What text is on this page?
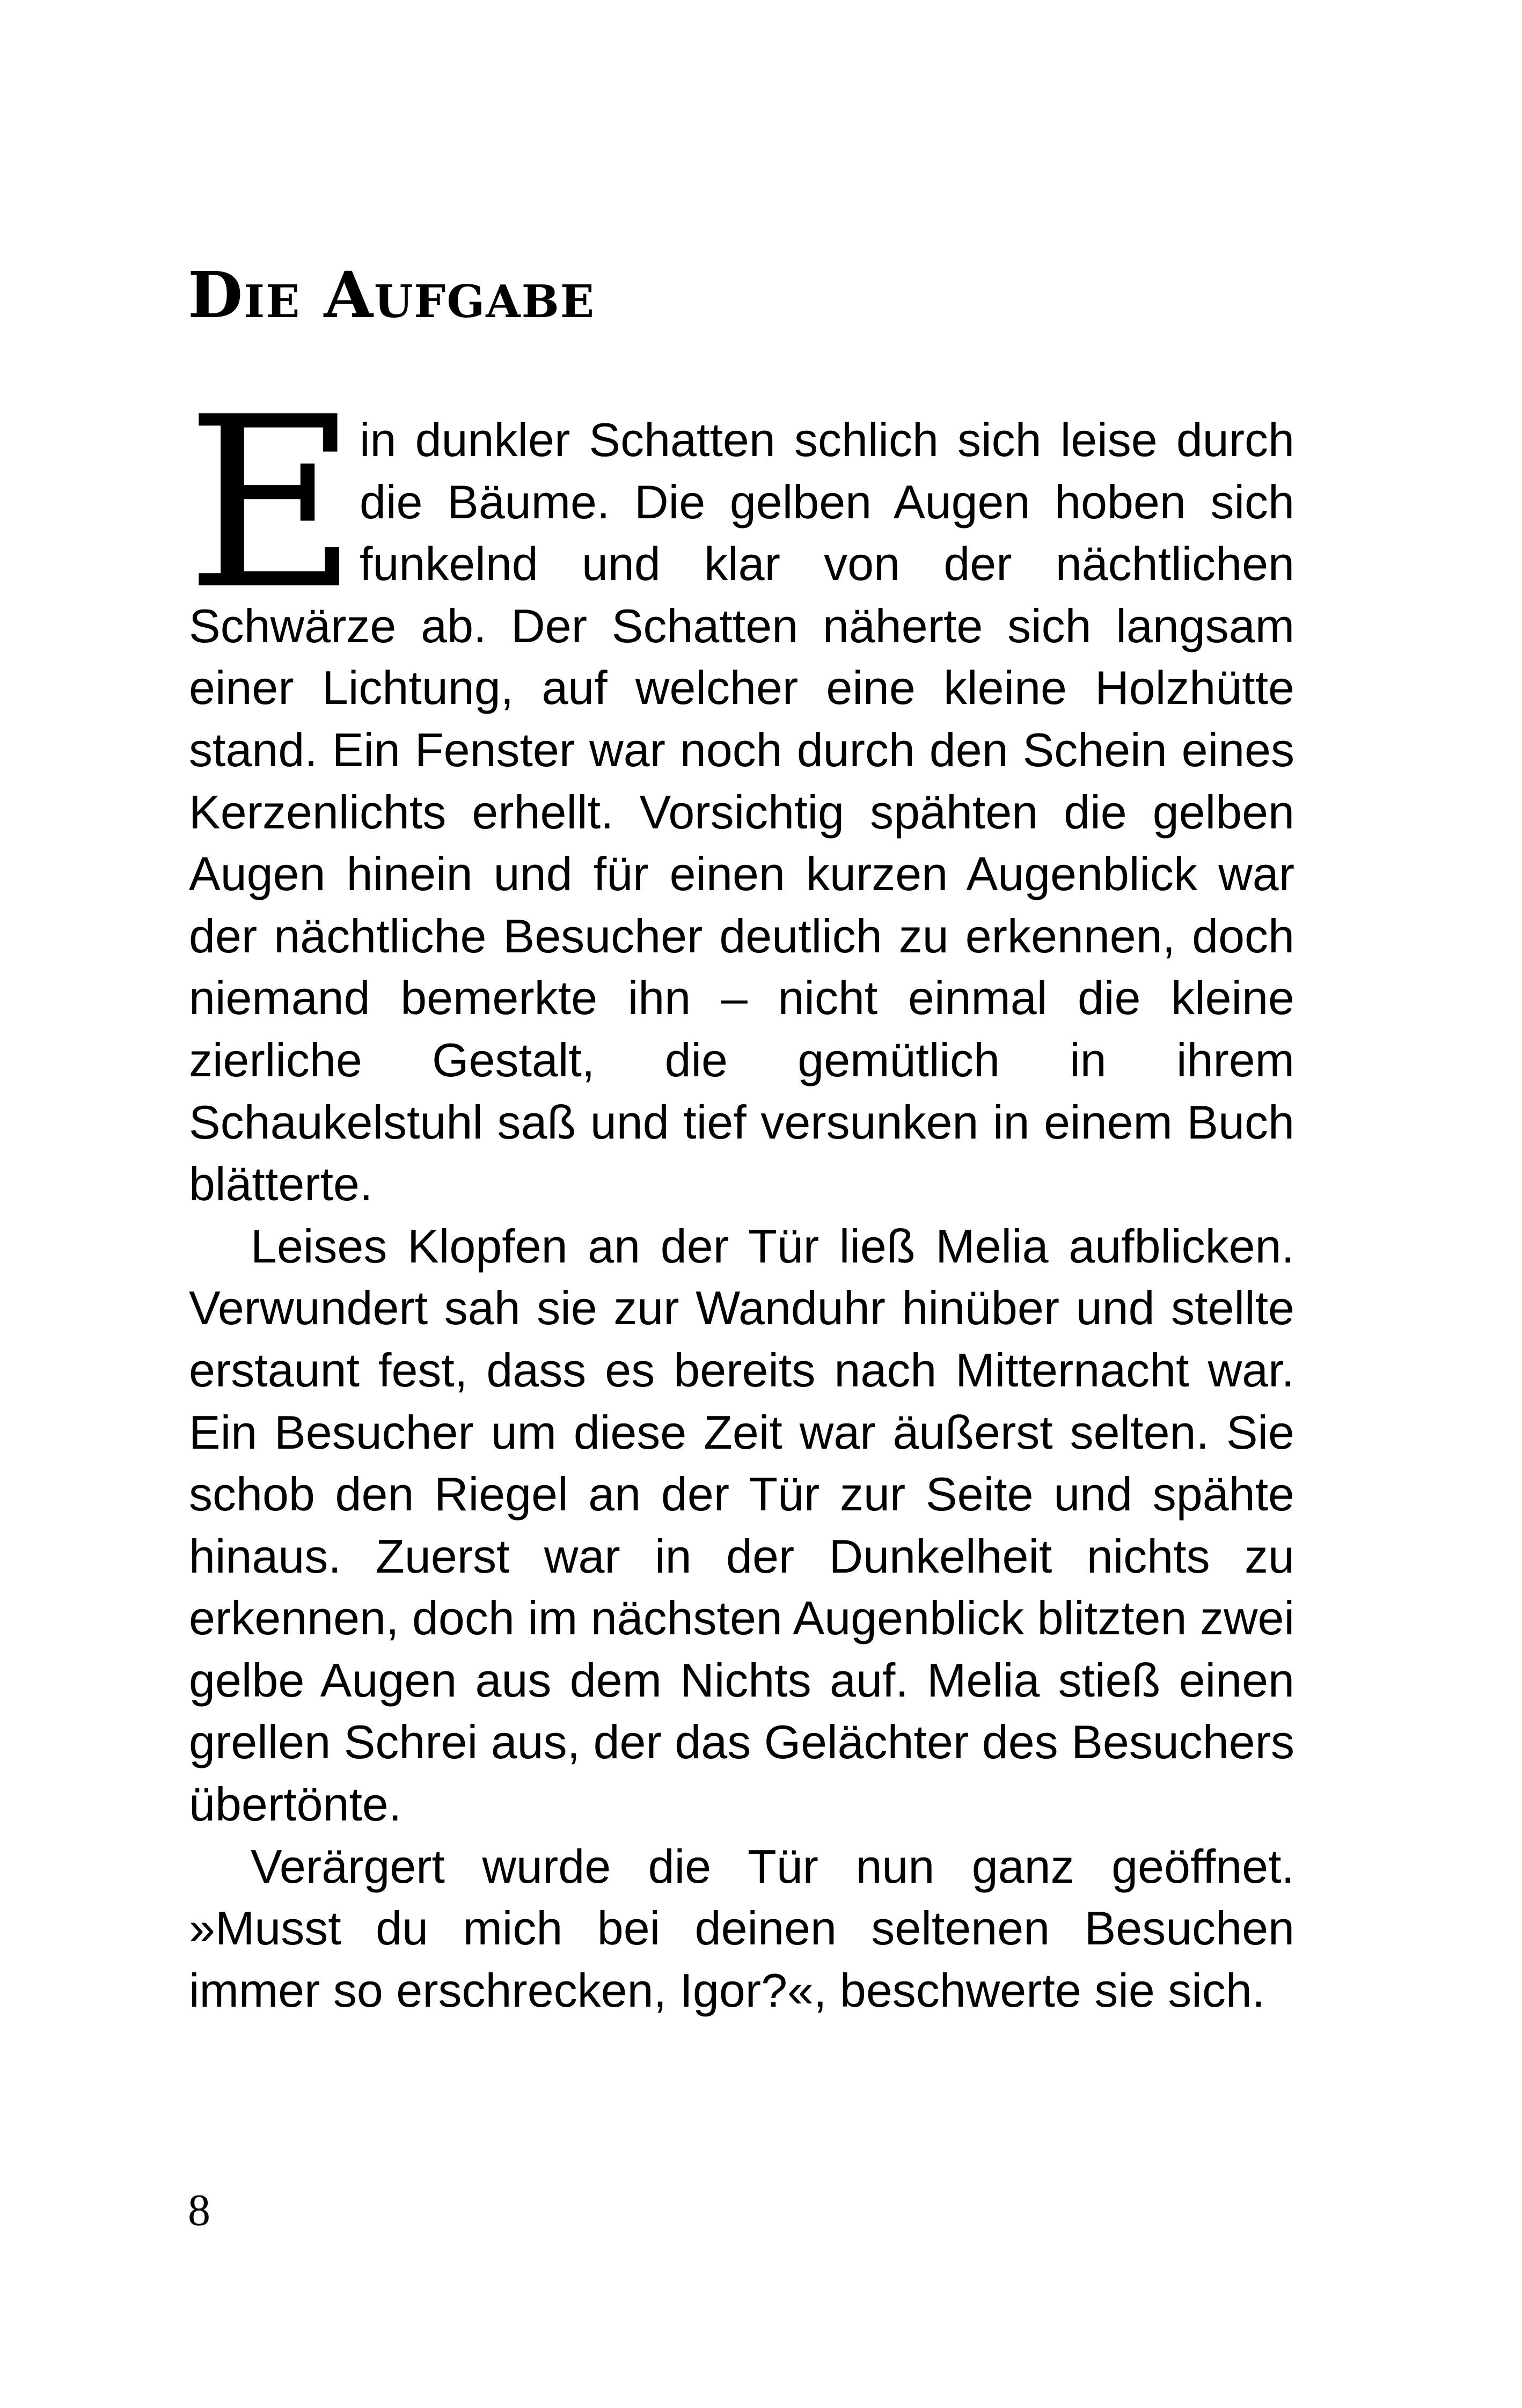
Die Aufgabe

Ein dunkler Schatten schlich sich leise durch die Bäume. Die gelben Augen hoben sich funkelnd und klar von der nächtlichen Schwärze ab. Der Schatten näherte sich langsam einer Lichtung, auf welcher eine kleine Holzhütte stand. Ein Fenster war noch durch den Schein eines Kerzenlichts erhellt. Vorsichtig spähten die gelben Augen hinein und für einen kurzen Augenblick war der nächtliche Besucher deutlich zu erkennen, doch niemand bemerkte ihn – nicht einmal die kleine zierliche Gestalt, die gemütlich in ihrem Schaukelstuhl saß und tief versunken in einem Buch blätterte.

Leises Klopfen an der Tür ließ Melia aufblicken. Verwundert sah sie zur Wanduhr hinüber und stellte erstaunt fest, dass es bereits nach Mitternacht war. Ein Besucher um diese Zeit war äußerst selten. Sie schob den Riegel an der Tür zur Seite und spähte hinaus. Zuerst war in der Dunkelheit nichts zu erkennen, doch im nächsten Augenblick blitzten zwei gelbe Augen aus dem Nichts auf. Melia stieß einen grellen Schrei aus, der das Gelächter des Besuchers übertönte.

Verärgert wurde die Tür nun ganz geöffnet. »Musst du mich bei deinen seltenen Besuchen immer so erschrecken, Igor?«, beschwerte sie sich.

8
